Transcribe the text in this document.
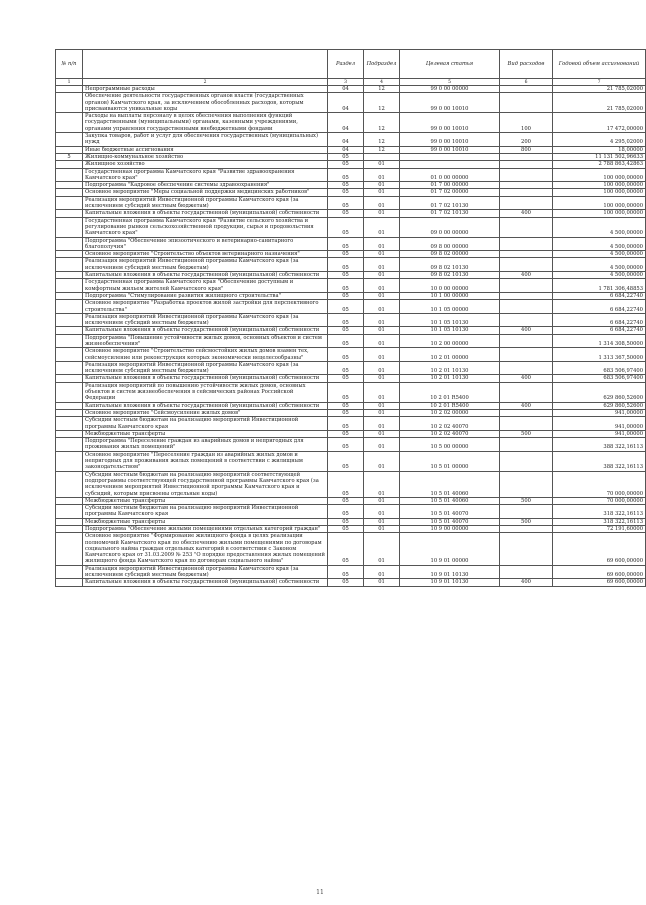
№ п/п		Раздел	Подраздел	Целевая статья	Вид расходов	Годовой объем ассигнований
1	2	3	4	5	6	7
	Непрограммные расходы	04	12	99 0 00 00000		21 785,02000
	Обеспечение деятельности государственных органов власти (государственных органов) Камчатского края, за исключением обособленных расходов, которым присваиваются уникальные коды	04	12	99 0 00 10010		21 785,02000
	Расходы на выплаты персоналу в целях обеспечения выполнения функций государственными (муниципальными) органами, казенными учреждениями, органами управления государственными внебюджетными фондами	04	12	99 0 00 10010	100	17 472,00000
	Закупка товаров, работ и услуг для обеспечения государственных (муниципальных) нужд	04	12	99 0 00 10010	200	4 295,02000
	Иные бюджетные ассигнования	04	12	99 0 00 10010	800	18,00000
5	Жилищно-коммунальное хозяйство	05				11 131 502,96633
	Жилищное хозяйство	05	01			2 788 863,42863
	Государственная программа Камчатского края "Развитие здравоохранения Камчатского края"	05	01	01 0 00 00000		100 000,00000
	Подпрограмма "Кадровое обеспечение системы здравоохранения"	05	01	01 7 00 00000		100 000,00000
	Основное мероприятие "Меры социальной поддержки медицинских работников"	05	01	01 7 02 00000		100 000,00000
	Реализация мероприятий Инвестиционной программы Камчатского края (за исключением субсидий местным бюджетам)	05	01	01 7 02 10130		100 000,00000
	Капитальные вложения в объекты государственной (муниципальной) собственности	05	01	01 7 02 10130	400	100 000,00000
	Государственная программа Камчатского края "Развитие сельского хозяйства и регулирование рынков сельскохозяйственной продукции, сырья и продовольствия Камчатского края"	05	01	09 0 00 00000		4 500,00000
	Подпрограмма "Обеспечение эпизоотического и ветеринарно-санитарного благополучия"	05	01	09 8 00 00000		4 500,00000
	Основное мероприятие "Строительство объектов ветеринарного назначения"	05	01	09 8 02 00000		4 500,00000
	Реализация мероприятий Инвестиционной программы Камчатского края (за исключением субсидий местным бюджетам)	05	01	09 8 02 10130		4 500,00000
	Капитальные вложения в объекты государственной (муниципальной) собственности	05	01	09 8 02 10130	400	4 500,00000
	Государственная программа Камчатского края "Обеспечение доступным и комфортным жильем жителей Камчатского края"	05	01	10 0 00 00000		1 781 306,48853
	Подпрограмма "Стимулирование развития жилищного строительства"	05	01	10 1 00 00000		6 684,22740
	Основное мероприятие "Разработка проектов жилой застройки для перспективного строительства"	05	01	10 1 05 00000		6 684,22740
	Реализация мероприятий Инвестиционной программы Камчатского края (за исключением субсидий местным бюджетам)	05	01	10 1 05 10130		6 684,22740
	Капитальные вложения в объекты государственной (муниципальной) собственности	05	01	10 1 05 10130	400	6 684,22740
	Подпрограмма "Повышение устойчивости жилых домов, основных объектов и систем жизнеобеспечения"	05	01	10 2 00 00000		1 314 308,50000
	Основное мероприятие "Строительство сейсмостойких жилых домов взамен тех, сейсмоусиление или реконструкция которых экономически нецелесообразны"	05	01	10 2 01 00000		1 313 367,50000
	Реализация мероприятий Инвестиционной программы Камчатского края (за исключением субсидий местным бюджетам)	05	01	10 2 01 10130		683 506,97400
	Капитальные вложения в объекты государственной (муниципальной) собственности	05	01	10 2 01 10130	400	683 506,97400
	Реализация мероприятий по повышению устойчивости жилых домов, основных объектов и систем жизнеобеспечения в сейсмических районах Российской Федерации	05	01	10 2 01 R5400		629 860,52600
	Капитальные вложения в объекты государственной (муниципальной) собственности	05	01	10 2 01 R5400	400	629 860,52600
	Основное мероприятие "Сейсмоусиление жилых домов"	05	01	10 2 02 00000		941,00000
	Субсидии местным бюджетам на реализацию мероприятий Инвестиционной программы Камчатского края	05	01	10 2 02 40070		941,00000
	Межбюджетные трансферты	05	01	10 2 02 40070	500	941,00000
	Подпрограмма "Переселение граждан из аварийных домов и непригодных для проживания жилых помещений"	05	01	10 5 00 00000		388 322,16113
	Основное мероприятие "Переселение граждан из аварийных жилых домов и непригодных для проживания жилых помещений в соответствии с жилищным законодательством"	05	01	10 5 01 00000		388 322,16113
	Субсидии местным бюджетам на реализацию мероприятий соответствующей подпрограммы соответствующей государственной программы Камчатского края (за исключением мероприятий Инвестиционной программы Камчатского края и субсидий, которым присвоены отдельные коды)	05	01	10 5 01 40060		70 000,00000
	Межбюджетные трансферты	05	01	10 5 01 40060	500	70 000,00000
	Субсидии местным бюджетам на реализацию мероприятий Инвестиционной программы Камчатского края	05	01	10 5 01 40070		318 322,16113
	Межбюджетные трансферты	05	01	10 5 01 40070	500	318 322,16113
	Подпрограмма "Обеспечение жилыми помещениями отдельных категорий граждан"	05	01	10 9 00 00000		72 191,60000
	Основное мероприятие "Формирование жилищного фонда в целях реализации полномочий Камчатского края по обеспечению жилыми помещениями по договорам социального найма граждан отдельных категорий в соответствии с Законом Камчатского края от 31.03.2009 № 253 "О порядке предоставления жилых помещений жилищного фонда Камчатского края по договорам социального найма"	05	01	10 9 01 00000		69 600,00000
	Реализация мероприятий Инвестиционной программы Камчатского края (за исключением субсидий местным бюджетам)	05	01	10 9 01 10130		69 600,00000
	Капитальные вложения в объекты государственной (муниципальной) собственности	05	01	10 9 01 10130	400	69 600,00000
11
